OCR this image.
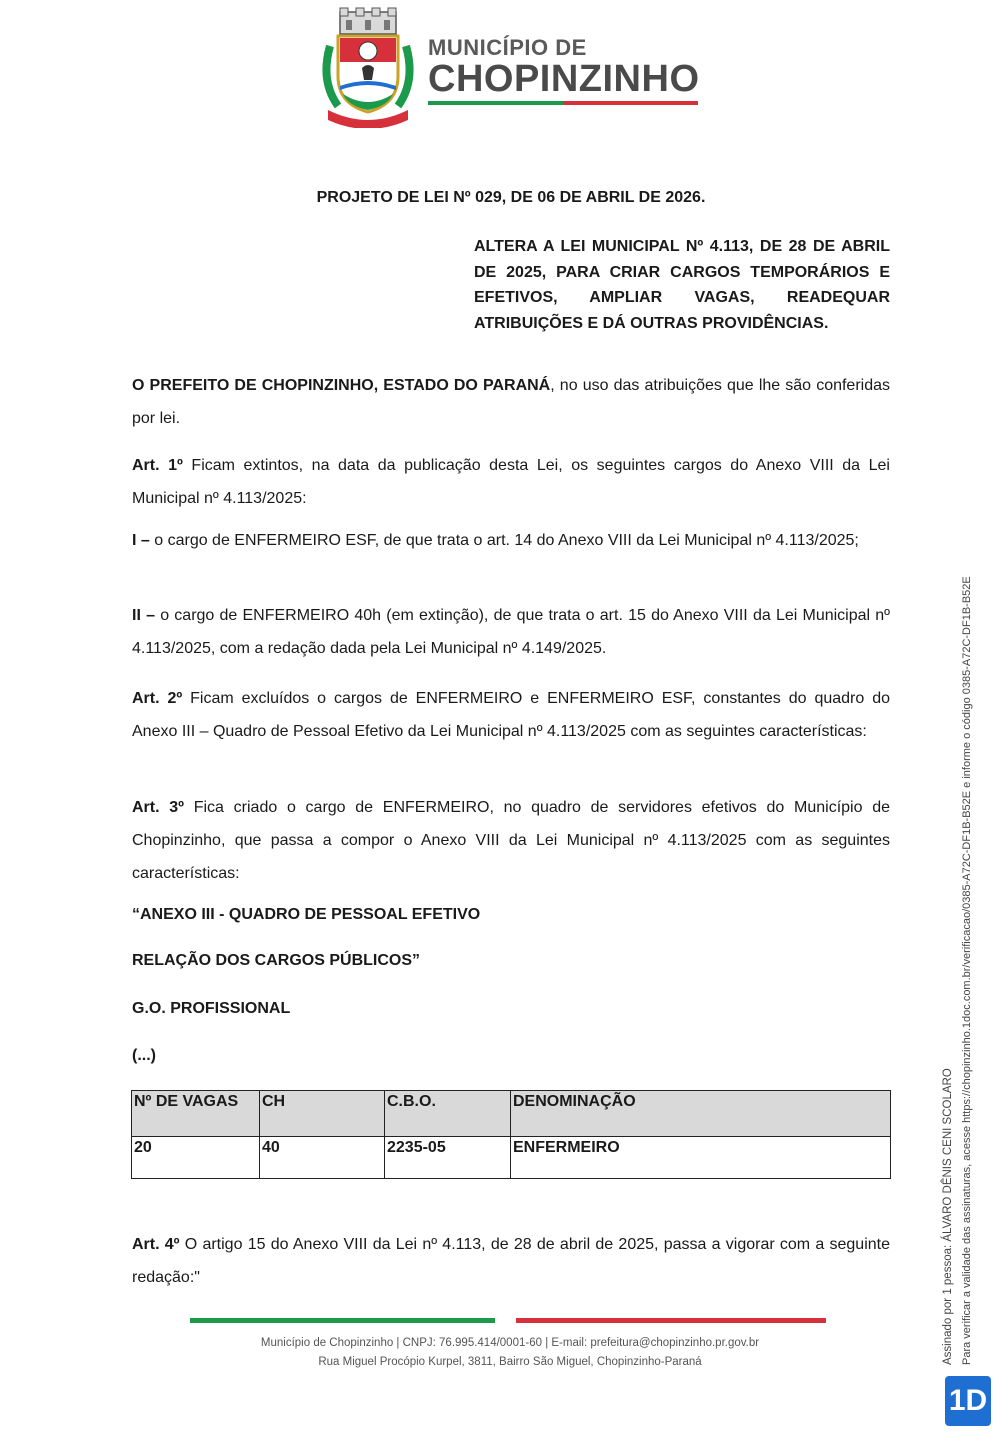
MUNICÍPIO DE
CHOPINZINHO
PROJETO DE LEI Nº 029, DE 06 DE ABRIL DE 2026.
ALTERA A LEI MUNICIPAL Nº 4.113, DE 28 DE ABRIL DE 2025, PARA CRIAR CARGOS TEMPORÁRIOS E EFETIVOS, AMPLIAR VAGAS, READEQUAR ATRIBUIÇÕES E DÁ OUTRAS PROVIDÊNCIAS.
O PREFEITO DE CHOPINZINHO, ESTADO DO PARANÁ, no uso das atribuições que lhe são conferidas por lei.
Art. 1º Ficam extintos, na data da publicação desta Lei, os seguintes cargos do Anexo VIII da Lei Municipal nº 4.113/2025:
I – o cargo de ENFERMEIRO ESF, de que trata o art. 14 do Anexo VIII da Lei Municipal nº 4.113/2025;
II – o cargo de ENFERMEIRO 40h (em extinção), de que trata o art. 15 do Anexo VIII da Lei Municipal nº 4.113/2025, com a redação dada pela Lei Municipal nº 4.149/2025.
Art. 2º Ficam excluídos o cargos de ENFERMEIRO e ENFERMEIRO ESF, constantes do quadro do Anexo III – Quadro de Pessoal Efetivo da Lei Municipal nº 4.113/2025 com as seguintes características:
Art. 3º Fica criado o cargo de ENFERMEIRO, no quadro de servidores efetivos do Município de Chopinzinho, que passa a compor o Anexo VIII da Lei Municipal nº 4.113/2025 com as seguintes características:
“ANEXO III - QUADRO DE PESSOAL EFETIVO
RELAÇÃO DOS CARGOS PÚBLICOS”
G.O. PROFISSIONAL
(...)
Nº DE VAGAS	CH	C.B.O.	DENOMINAÇÃO
20	40	2235-05	ENFERMEIRO
Art. 4º O artigo 15 do Anexo VIII da Lei nº 4.113, de 28 de abril de 2025, passa a vigorar com a seguinte redação:"
Município de Chopinzinho | CNPJ: 76.995.414/0001-60 | E-mail: prefeitura@chopinzinho.pr.gov.br
Rua Miguel Procópio Kurpel, 3811, Bairro São Miguel, Chopinzinho-Paraná	Assinado por 1 pessoa: ÁLVARO DÊNIS CENI SCOLARO Para verificar a validade das assinaturas, acesse https://chopinzinho.1doc.com.br/verificacao/0385-A72C-DF1B-B52E e informe o código 0385-A72C-DF1B-B52E
1D
